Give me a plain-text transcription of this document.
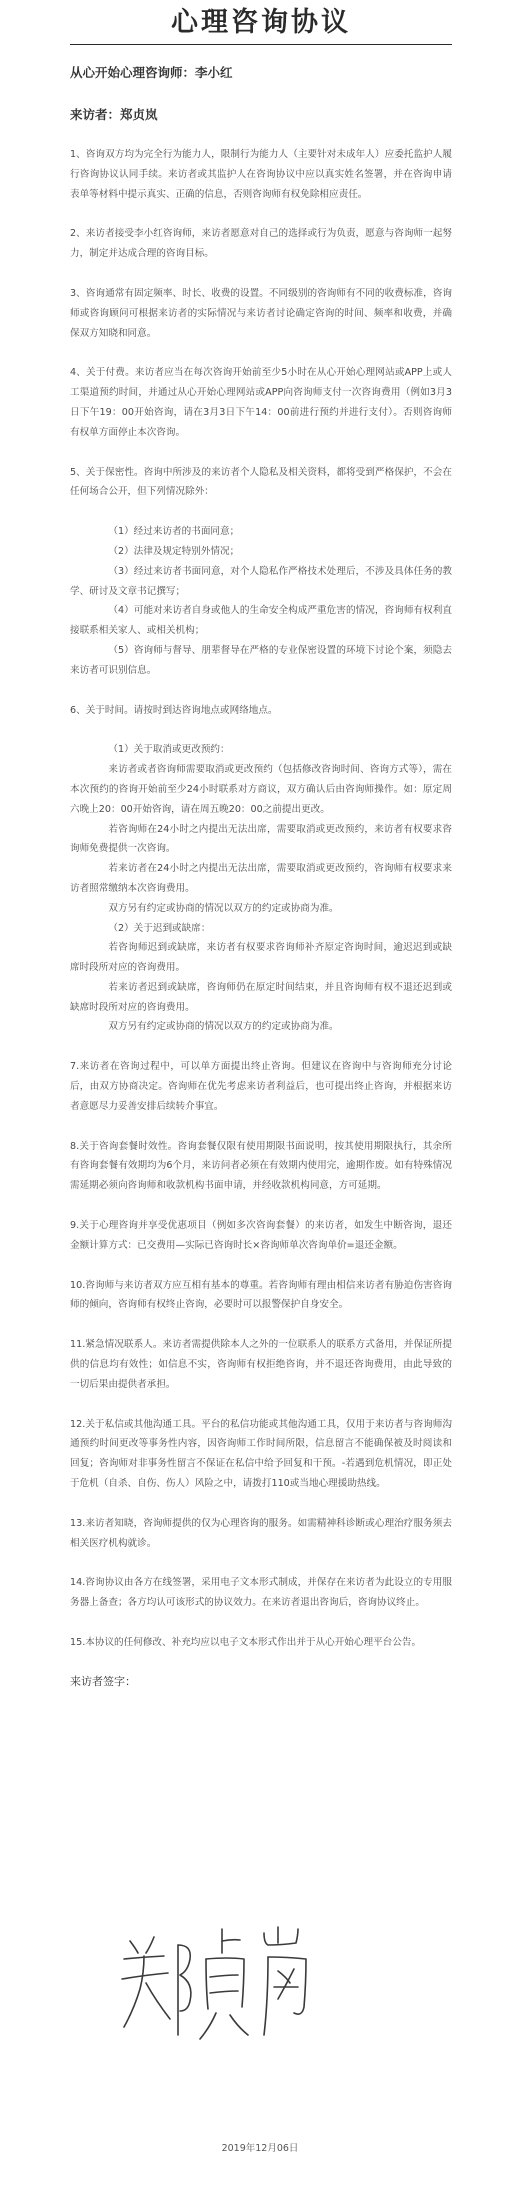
心理咨询协议

从心开始心理咨询师：李小红

来访者：郑贞岚

1、咨询双方均为完全行为能力人，限制行为能力人（主要针对未成年人）应委托监护人履行咨询协议认同手续。来访者或其监护人在咨询协议中应以真实姓名签署，并在咨询申请表单等材料中提示真实、正确的信息，否则咨询师有权免除相应责任。

2、来访者接受李小红咨询师，来访者愿意对自己的选择或行为负责，愿意与咨询师一起努力，制定并达成合理的咨询目标。

3、咨询通常有固定频率、时长、收费的设置。不同级别的咨询师有不同的收费标准，咨询师或咨询顾问可根据来访者的实际情况与来访者讨论确定咨询的时间、频率和收费，并确保双方知晓和同意。

4、关于付费。来访者应当在每次咨询开始前至少5小时在从心开始心理网站或APP上或人工渠道预约时间，并通过从心开始心理网站或APP向咨询师支付一次咨询费用（例如3月3日下午19：00开始咨询，请在3月3日下午14：00前进行预约并进行支付）。否则咨询师有权单方面停止本次咨询。

5、关于保密性。咨询中所涉及的来访者个人隐私及相关资料，都将受到严格保护，不会在任何场合公开，但下列情况除外：

（1）经过来访者的书面同意；

（2）法律及规定特别外情况；

（3）经过来访者书面同意，对个人隐私作严格技术处理后，不涉及具体任务的教学、研讨及文章书记撰写；

（4）可能对来访者自身或他人的生命安全构成严重危害的情况，咨询师有权利直接联系相关家人、或相关机构；

（5）咨询师与督导、朋辈督导在严格的专业保密设置的环境下讨论个案，须隐去来访者可识别信息。

6、关于时间。请按时到达咨询地点或网络地点。

（1）关于取消或更改预约：

来访者或者咨询师需要取消或更改预约（包括修改咨询时间、咨询方式等），需在本次预约的咨询开始前至少24小时联系对方商议，双方确认后由咨询师操作。如：原定周六晚上20：00开始咨询，请在周五晚20：00之前提出更改。

若咨询师在24小时之内提出无法出席，需要取消或更改预约，来访者有权要求咨询师免费提供一次咨询。

若来访者在24小时之内提出无法出席，需要取消或更改预约，咨询师有权要求来访者照常缴纳本次咨询费用。

双方另有约定或协商的情况以双方的约定或协商为准。

（2）关于迟到或缺席：

若咨询师迟到或缺席，来访者有权要求咨询师补齐原定咨询时间，逾迟迟到或缺席时段所对应的咨询费用。

若来访者迟到或缺席，咨询师仍在原定时间结束，并且咨询师有权不退还迟到或缺席时段所对应的咨询费用。

双方另有约定或协商的情况以双方的约定或协商为准。

7.来访者在咨询过程中，可以单方面提出终止咨询。但建议在咨询中与咨询师充分讨论后，由双方协商决定。咨询师在优先考虑来访者利益后，也可提出终止咨询，并根据来访者意愿尽力妥善安排后续转介事宜。

8.关于咨询套餐时效性。咨询套餐仅限有使用期限书面说明，按其使用期限执行，其余所有咨询套餐有效期均为6个月，来访问者必须在有效期内使用完，逾期作废。如有特殊情况需延期必须向咨询师和收款机构书面申请，并经收款机构同意，方可延期。

9.关于心理咨询并享受优惠项目（例如多次咨询套餐）的来访者，如发生中断咨询，退还金额计算方式：已交费用—实际已咨询时长×咨询师单次咨询单价=退还金额。

10.咨询师与来访者双方应互相有基本的尊重。若咨询师有理由相信来访者有胁迫伤害咨询师的倾向，咨询师有权终止咨询，必要时可以报警保护自身安全。

11.紧急情况联系人。来访者需提供除本人之外的一位联系人的联系方式备用，并保证所提供的信息均有效性；如信息不实，咨询师有权拒绝咨询，并不退还咨询费用，由此导致的一切后果由提供者承担。

12.关于私信或其他沟通工具。平台的私信功能或其他沟通工具，仅用于来访者与咨询师沟通预约时间更改等事务性内容，因咨询师工作时间所限，信息留言不能确保被及时阅读和回复；咨询师对非事务性留言不保证在私信中给予回复和干预。-若遇到危机情况，即正处于危机（自杀、自伤、伤人）风险之中，请拨打110或当地心理援助热线。

13.来访者知晓，咨询师提供的仅为心理咨询的服务。如需精神科诊断或心理治疗服务须去相关医疗机构就诊。

14.咨询协议由各方在线签署，采用电子文本形式制成，并保存在来访者为此设立的专用服务器上备查；各方均认可该形式的协议效力。在来访者退出咨询后，咨询协议终止。

15.本协议的任何修改、补充均应以电子文本形式作出并于从心开始心理平台公告。

来访者签字：
2019年12月06日
